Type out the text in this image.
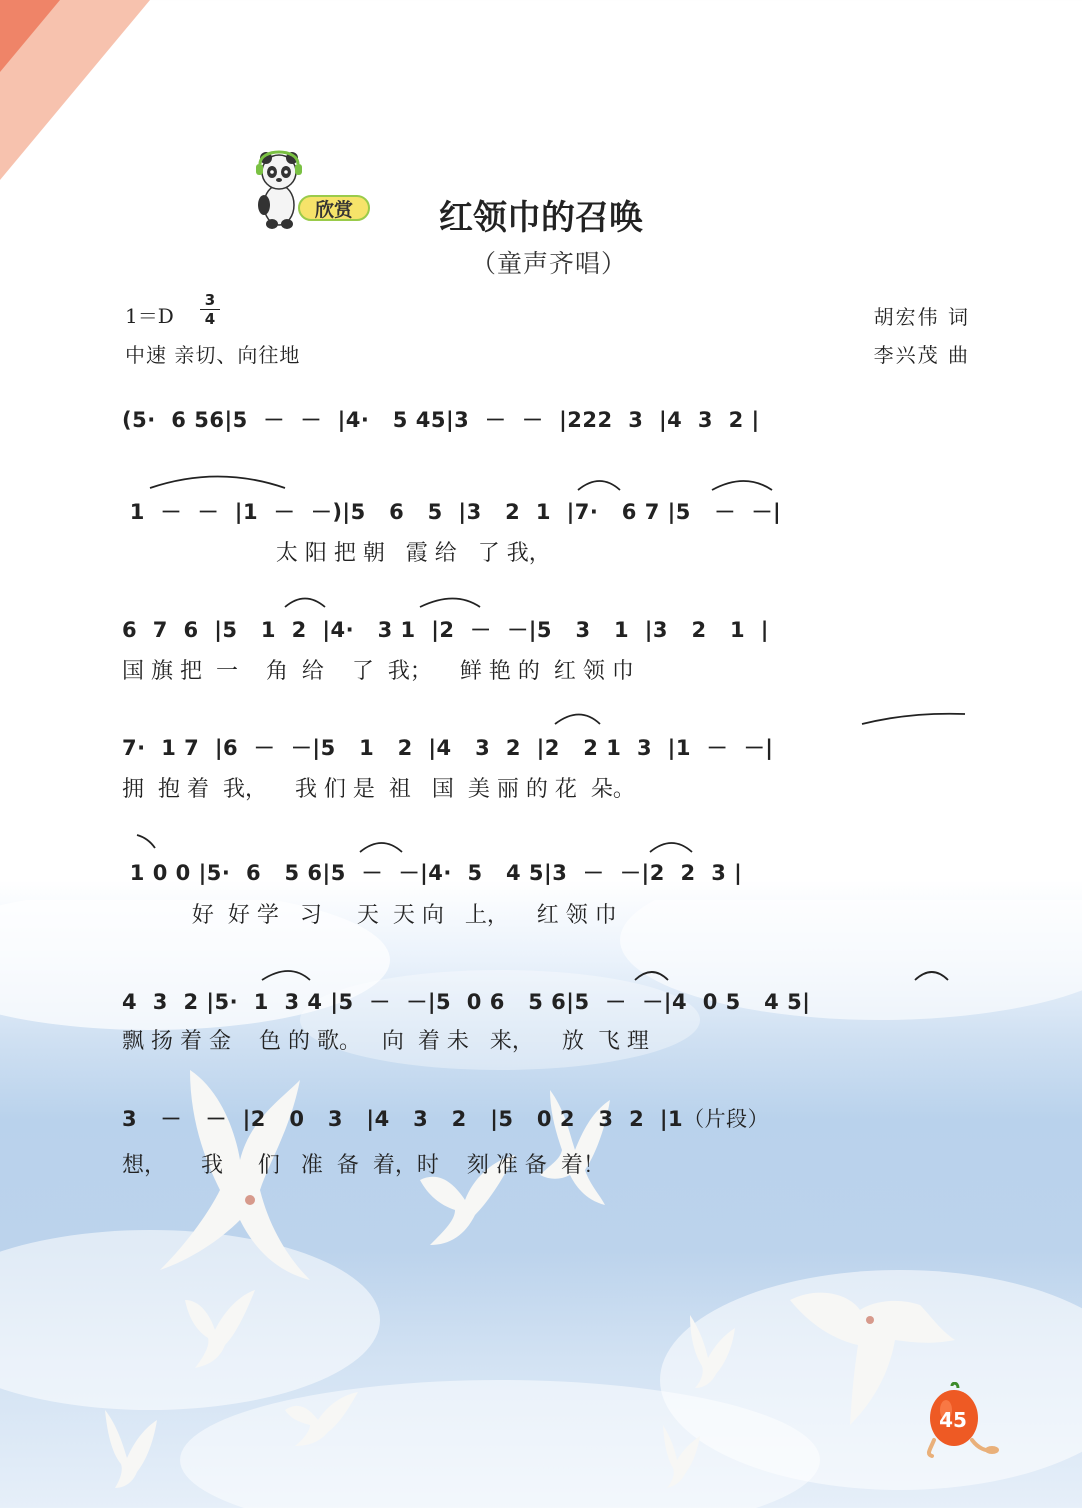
欣赏	红领巾的召唤
（童声齐唱）
1＝D
3
4
中速 亲切、向往地
胡宏伟 词
李兴茂 曲
(5·  6 56|5  －  －  |4·   5 45|3  －  －  |222  3  |4  3  2 |
1  －  －  |1  －  －)|5   6   5  |3   2  1  |7·   6 7 |5   －  －|
太 阳 把 朝   霞 给   了 我，
6  7  6  |5   1  2  |4·   3 1  |2  －  －|5   3   1  |3   2   1  |
国 旗 把  一    角  给    了  我；    鲜 艳 的  红 领 巾
7·  1 7  |6  －  －|5   1   2  |4   3  2  |2   2 1  3  |1  －  －|
拥  抱 着  我，    我 们 是  祖   国  美 丽 的 花  朵。
1 0 0 |5·  6   5 6|5  －  －|4·  5   4 5|3  －  －|2  2  3 |
好  好 学   习     天  天 向   上，    红 领 巾
4  3  2 |5·  1  3 4 |5  －  －|5  0 6   5 6|5  －  －|4  0 5   4 5|
飘 扬 着 金    色 的 歌。   向  着 未   来，    放  飞 理
3   －   －  |2   0   3   |4   3   2   |5   0 2   3  2  |1（片段）
想，     我     们   准  备  着，时    刻 准 备  着！
45
